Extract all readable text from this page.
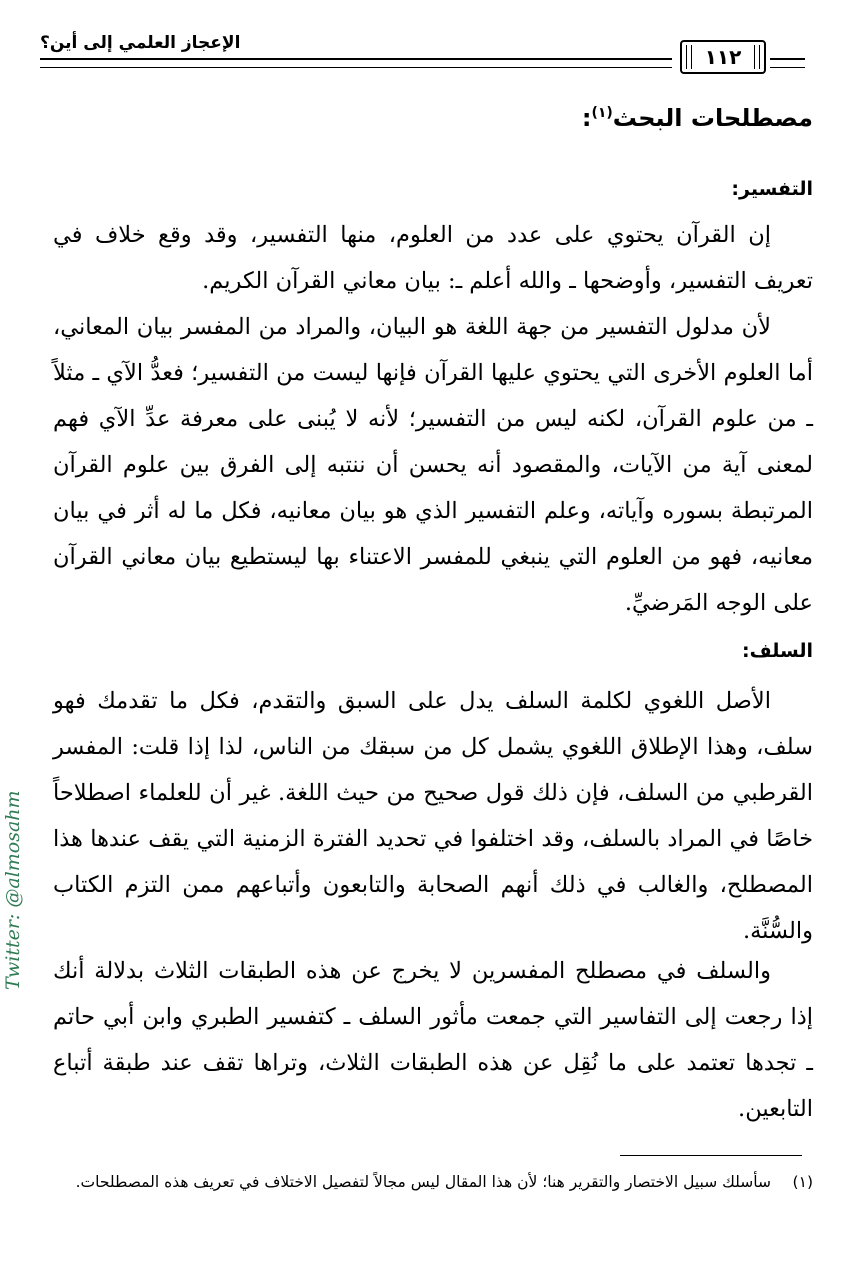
الإعجاز العلمي إلى أين؟
١١٢
مصطلحات البحث$^{(١)}$:
التفسير:
إن القرآن يحتوي على عدد من العلوم، منها التفسير، وقد وقع خلاف في تعريف التفسير، وأوضحها ـ والله أعلم ـ: بيان معاني القرآن الكريم.
لأن مدلول التفسير من جهة اللغة هو البيان، والمراد من المفسر بيان المعاني، أما العلوم الأخرى التي يحتوي عليها القرآن فإنها ليست من التفسير؛ فعدُّ الآي ـ مثلاً ـ من علوم القرآن، لكنه ليس من التفسير؛ لأنه لا يُبنى على معرفة عدِّ الآي فهم لمعنى آية من الآيات، والمقصود أنه يحسن أن ننتبه إلى الفرق بين علوم القرآن المرتبطة بسوره وآياته، وعلم التفسير الذي هو بيان معانيه، فكل ما له أثر في بيان معانيه، فهو من العلوم التي ينبغي للمفسر الاعتناء بها ليستطيع بيان معاني القرآن على الوجه المَرضيِّ.
السلف:
الأصل اللغوي لكلمة السلف يدل على السبق والتقدم، فكل ما تقدمك فهو سلف، وهذا الإطلاق اللغوي يشمل كل من سبقك من الناس، لذا إذا قلت: المفسر القرطبي من السلف، فإن ذلك قول صحيح من حيث اللغة. غير أن للعلماء اصطلاحاً خاصًا في المراد بالسلف، وقد اختلفوا في تحديد الفترة الزمنية التي يقف عندها هذا المصطلح، والغالب في ذلك أنهم الصحابة والتابعون وأتباعهم ممن التزم الكتاب والسُّنَّة.
والسلف في مصطلح المفسرين لا يخرج عن هذه الطبقات الثلاث بدلالة أنك إذا رجعت إلى التفاسير التي جمعت مأثور السلف ـ كتفسير الطبري وابن أبي حاتم ـ تجدها تعتمد على ما نُقِل عن هذه الطبقات الثلاث، وتراها تقف عند طبقة أتباع التابعين.
(١)
سأسلك سبيل الاختصار والتقرير هنا؛ لأن هذا المقال ليس مجالاً لتفصيل الاختلاف في تعريف هذه المصطلحات.
Twitter: @almosahm
